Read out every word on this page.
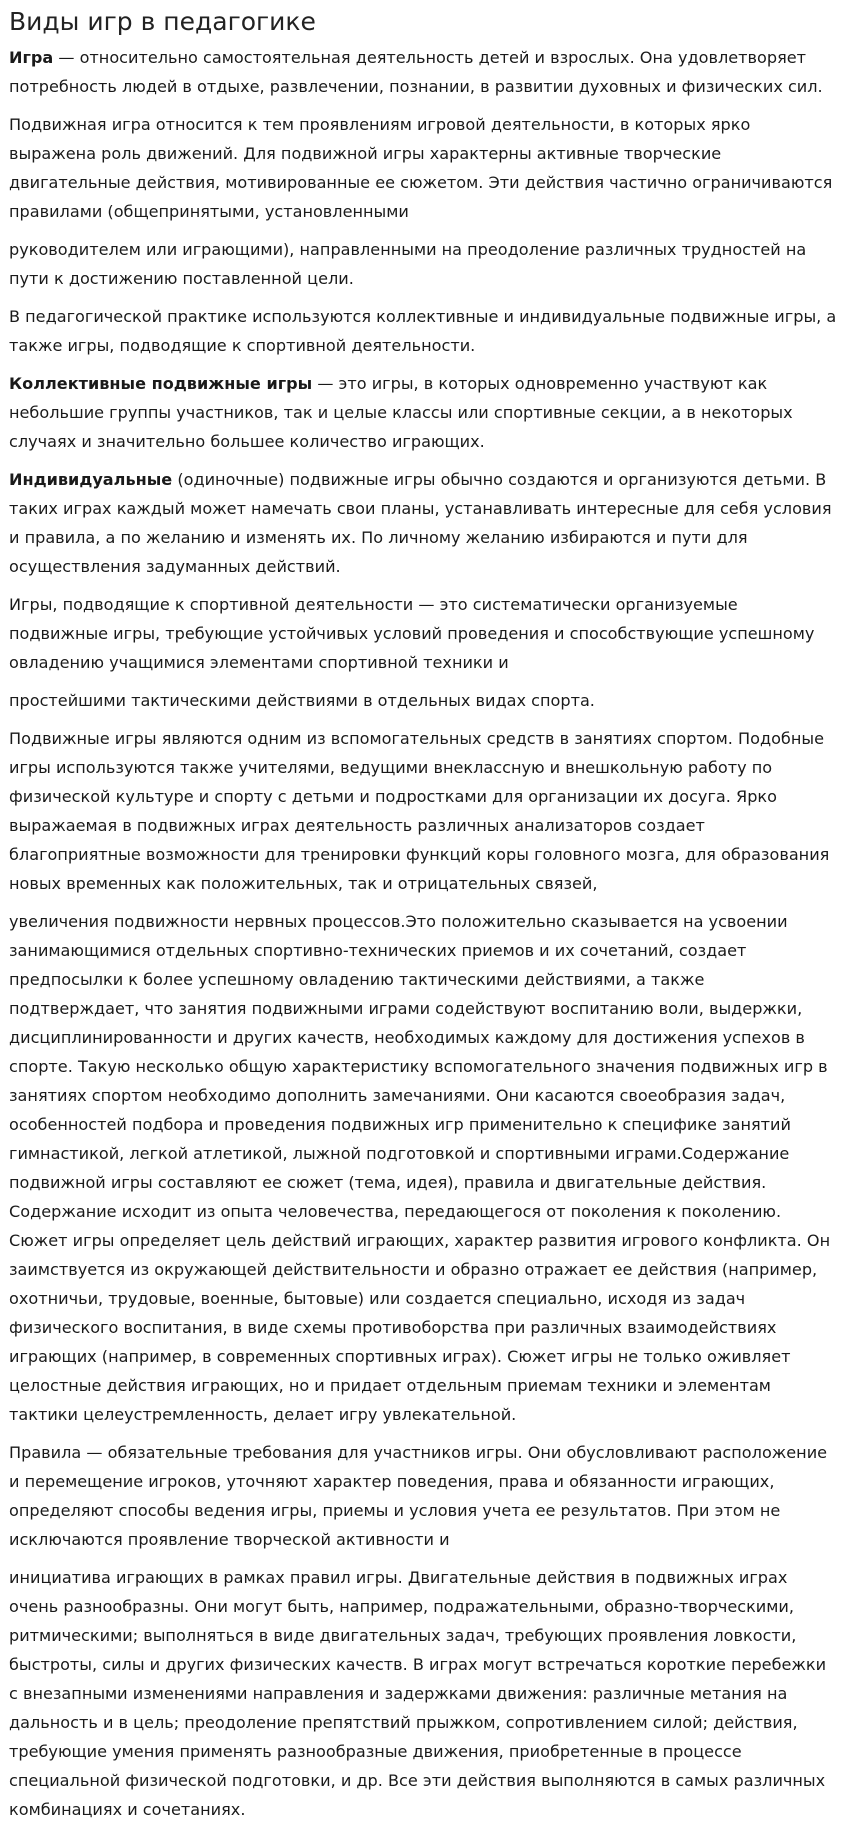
Виды игр в педагогике

Игра — относительно самостоятельная деятельность детей и взрослых. Она удовлетворяет потребность людей в отдыхе, развлечении, познании, в развитии духовных и физических сил.

Подвижная игра относится к тем проявлениям игровой деятельности, в которых ярко выражена роль движений. Для подвижной игры характерны активные творческие двигательные действия, мотивированные ее сюжетом. Эти действия частично ограничиваются правилами (общепринятыми, установленными

руководителем или играющими), направленными на преодоление различных трудностей на пути к достижению поставленной цели.

В педагогической практике используются коллективные и индивидуальные подвижные игры, а также игры, подводящие к спортивной деятельности.

Коллективные подвижные игры — это игры, в которых одновременно участвуют как небольшие группы участников, так и целые классы или спортивные секции, а в некоторых случаях и значительно большее количество играющих.

Индивидуальные (одиночные) подвижные игры обычно создаются и организуются детьми. В таких играх каждый может намечать свои планы, устанавливать интересные для себя условия и правила, а по желанию и изменять их. По личному желанию избираются и пути для осуществления задуманных действий.

Игры, подводящие к спортивной деятельности — это систематически организуемые подвижные игры, требующие устойчивых условий проведения и способствующие успешному овладению учащимися элементами спортивной техники и

простейшими тактическими действиями в отдельных видах спорта.

Подвижные игры являются одним из вспомогательных средств в занятиях спортом. Подобные игры используются также учителями, ведущими внеклассную и внешкольную работу по физической культуре и спорту с детьми и подростками для организации их досуга. Ярко выражаемая в подвижных играх деятельность различных анализаторов создает благоприятные возможности для тренировки функций коры головного мозга, для образования новых временных как положительных, так и отрицательных связей,

увеличения подвижности нервных процессов.Это положительно сказывается на усвоении занимающимися отдельных спортивно-технических приемов и их сочетаний, создает предпосылки к более успешному овладению тактическими действиями, а также подтверждает, что занятия подвижными играми содействуют воспитанию воли, выдержки, дисциплинированности и других качеств, необходимых каждому для достижения успехов в спорте. Такую несколько общую характеристику вспомогательного значения подвижных игр в занятиях спортом необходимо дополнить замечаниями. Они касаются своеобразия задач, особенностей подбора и проведения подвижных игр применительно к специфике занятий гимнастикой, легкой атлетикой, лыжной подготовкой и спортивными играми.Содержание подвижной игры составляют ее сюжет (тема, идея), правила и двигательные действия. Содержание исходит из опыта человечества, передающегося от поколения к поколению. Сюжет игры определяет цель действий играющих, характер развития игрового конфликта. Он заимствуется из окружающей действительности и образно отражает ее действия (например, охотничьи, трудовые, военные, бытовые) или создается специально, исходя из задач физического воспитания, в виде схемы противоборства при различных взаимодействиях играющих (например, в современных спортивных играх). Сюжет игры не только оживляет целостные действия играющих, но и придает отдельным приемам техники и элементам тактики целеустремленность, делает игру увлекательной.

Правила — обязательные требования для участников игры. Они обусловливают расположение и перемещение игроков, уточняют характер поведения, права и обязанности играющих, определяют способы ведения игры, приемы и условия учета ее результатов. При этом не исключаются проявление творческой активности и

инициатива играющих в рамках правил игры. Двигательные действия в подвижных играх очень разнообразны. Они могут быть, например, подражательными, образно-творческими, ритмическими; выполняться в виде двигательных задач, требующих проявления ловкости, быстроты, силы и других физических качеств. В играх могут встречаться короткие перебежки с внезапными изменениями направления и задержками движения: различные метания на дальность и в цель; преодоление препятствий прыжком, сопротивлением силой; действия, требующие умения применять разнообразные движения, приобретенные в процессе специальной физической подготовки, и др. Все эти действия выполняются в самых различных комбинациях и сочетаниях.
